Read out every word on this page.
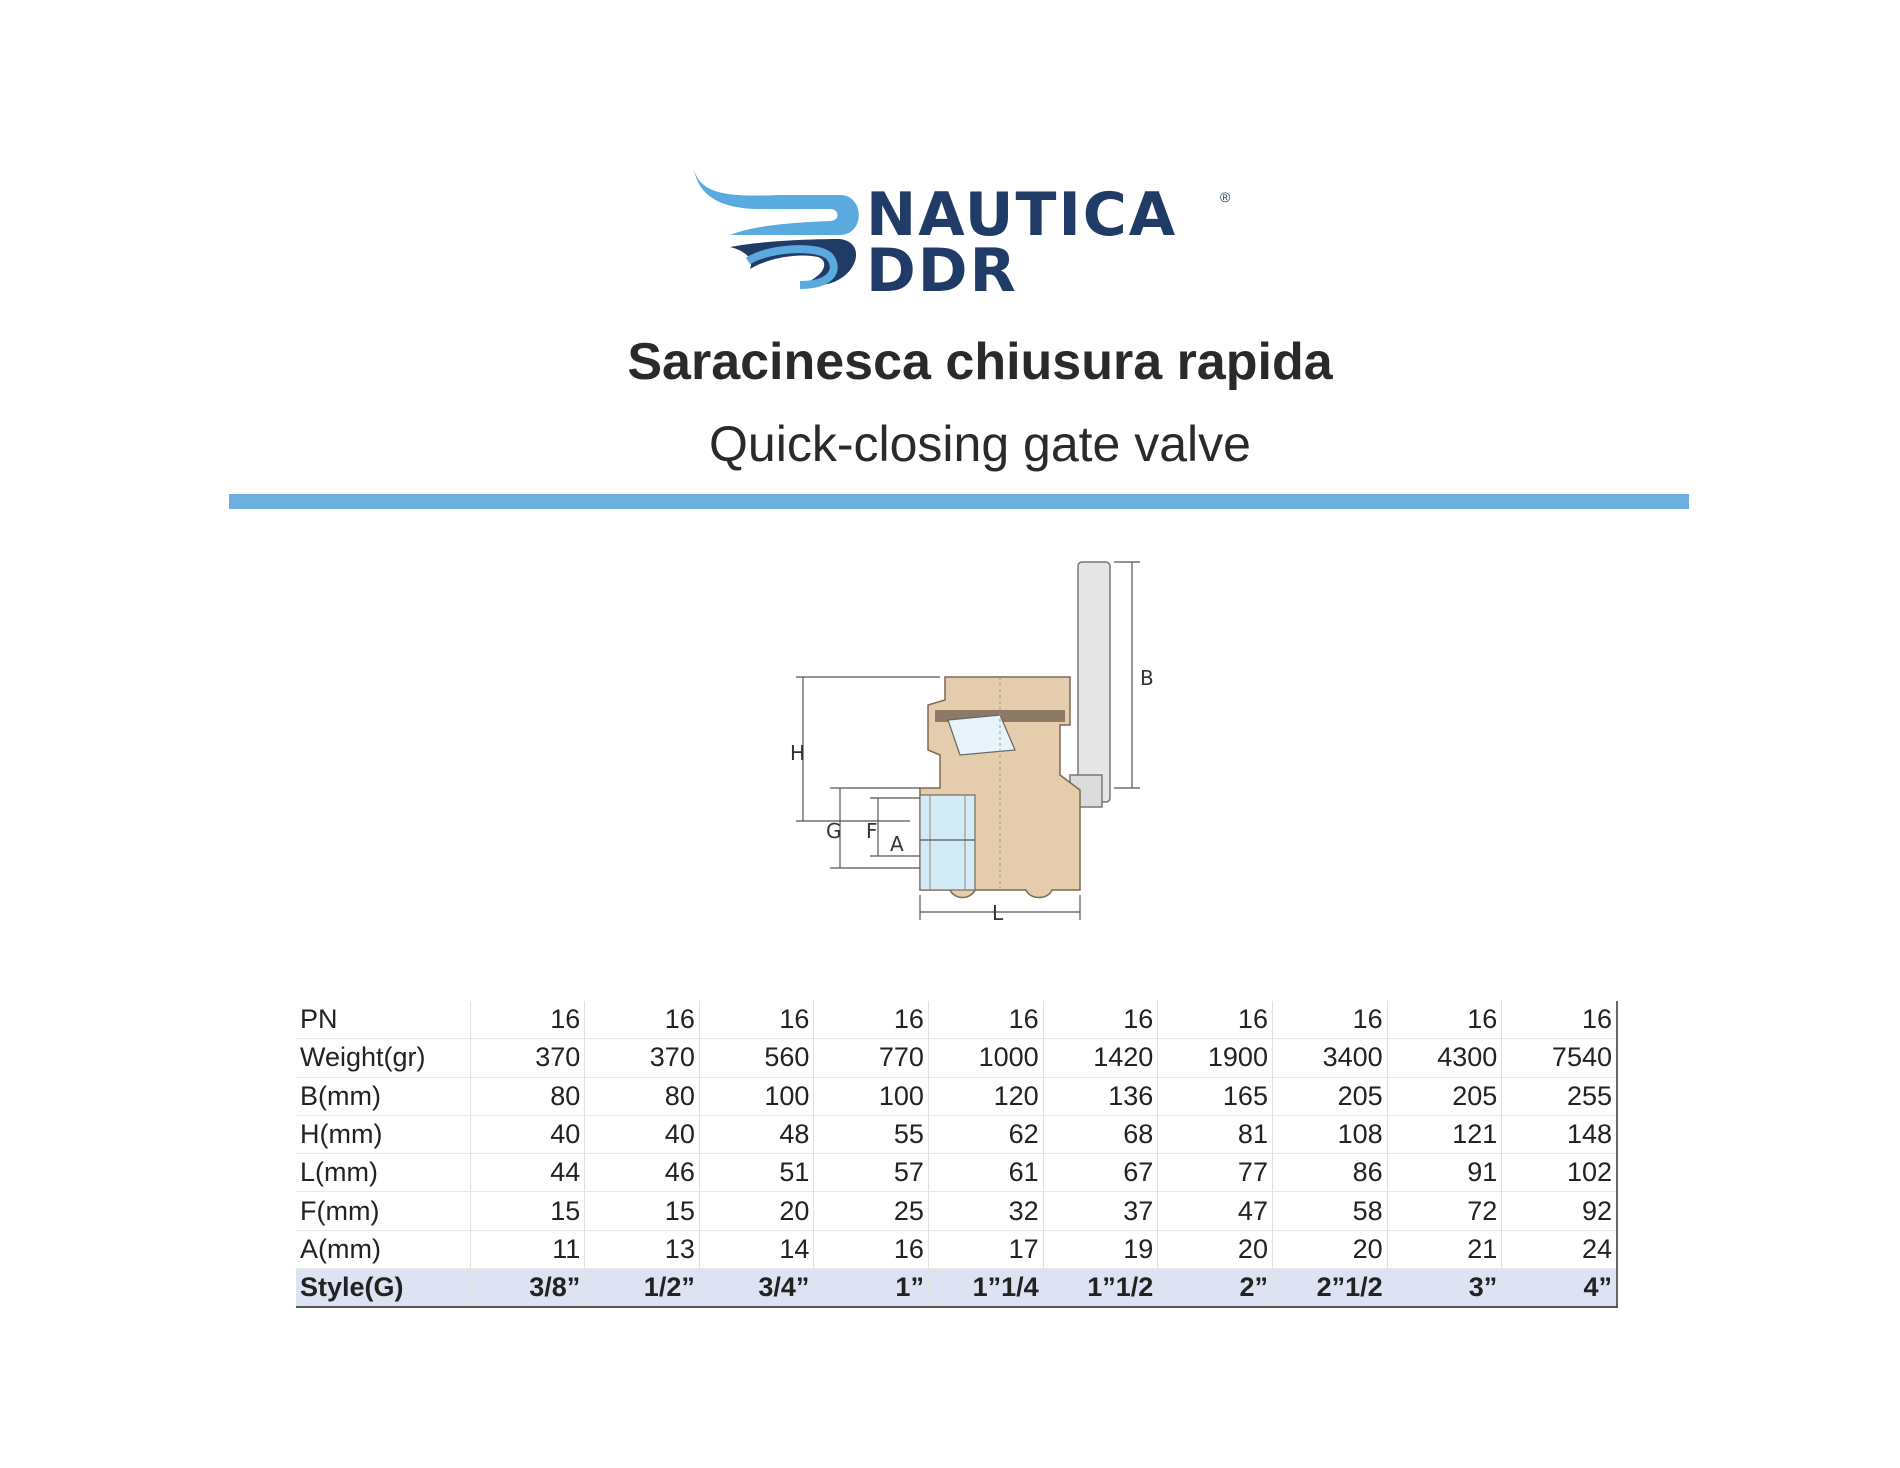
NAUTICA
DDR
®
Saracinesca chiusura rapida
Quick-closing gate valve
H
B
G F
A
L
PN	16	16	16	16	16	16	16	16	16	16
Weight(gr)	370	370	560	770	1000	1420	1900	3400	4300	7540
B(mm)	80	80	100	100	120	136	165	205	205	255
H(mm)	40	40	48	55	62	68	81	108	121	148
L(mm)	44	46	51	57	61	67	77	86	91	102
F(mm)	15	15	20	25	32	37	47	58	72	92
A(mm)	11	13	14	16	17	19	20	20	21	24
Style(G)	3/8”	1/2”	3/4”	1”	1”1/4	1”1/2	2”	2”1/2	3”	4”
